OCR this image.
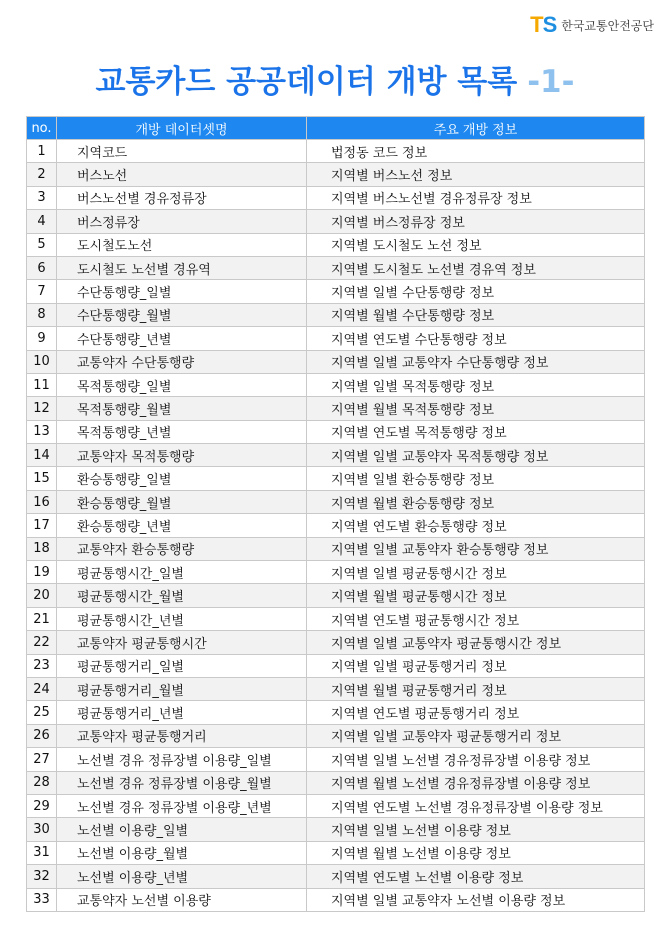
TS 한국교통안전공단
교통카드 공공데이터 개방 목록 -1-
no.	개방 데이터셋명	주요 개방 정보
1	지역코드	법정동 코드 정보
2	버스노선	지역별 버스노선 정보
3	버스노선별 경유정류장	지역별 버스노선별 경유정류장 정보
4	버스정류장	지역별 버스정류장 정보
5	도시철도노선	지역별 도시철도 노선 정보
6	도시철도 노선별 경유역	지역별 도시철도 노선별 경유역 정보
7	수단통행량_일별	지역별 일별 수단통행량 정보
8	수단통행량_월별	지역별 월별 수단통행량 정보
9	수단통행량_년별	지역별 연도별 수단통행량 정보
10	교통약자 수단통행량	지역별 일별 교통약자 수단통행량 정보
11	목적통행량_일별	지역별 일별 목적통행량 정보
12	목적통행량_월별	지역별 월별 목적통행량 정보
13	목적통행량_년별	지역별 연도별 목적통행량 정보
14	교통약자 목적통행량	지역별 일별 교통약자 목적통행량 정보
15	환승통행량_일별	지역별 일별 환승통행량 정보
16	환승통행량_월별	지역별 월별 환승통행량 정보
17	환승통행량_년별	지역별 연도별 환승통행량 정보
18	교통약자 환승통행량	지역별 일별 교통약자 환승통행량 정보
19	평균통행시간_일별	지역별 일별 평균통행시간 정보
20	평균통행시간_월별	지역별 월별 평균통행시간 정보
21	평균통행시간_년별	지역별 연도별 평균통행시간 정보
22	교통약자 평균통행시간	지역별 일별 교통약자 평균통행시간 정보
23	평균통행거리_일별	지역별 일별 평균통행거리 정보
24	평균통행거리_월별	지역별 월별 평균통행거리 정보
25	평균통행거리_년별	지역별 연도별 평균통행거리 정보
26	교통약자 평균통행거리	지역별 일별 교통약자 평균통행거리 정보
27	노선별 경유 정류장별 이용량_일별	지역별 일별 노선별 경유정류장별 이용량 정보
28	노선별 경유 정류장별 이용량_월별	지역별 월별 노선별 경유정류장별 이용량 정보
29	노선별 경유 정류장별 이용량_년별	지역별 연도별 노선별 경유정류장별 이용량 정보
30	노선별 이용량_일별	지역별 일별 노선별 이용량 정보
31	노선별 이용량_월별	지역별 월별 노선별 이용량 정보
32	노선별 이용량_년별	지역별 연도별 노선별 이용량 정보
33	교통약자 노선별 이용량	지역별 일별 교통약자 노선별 이용량 정보
